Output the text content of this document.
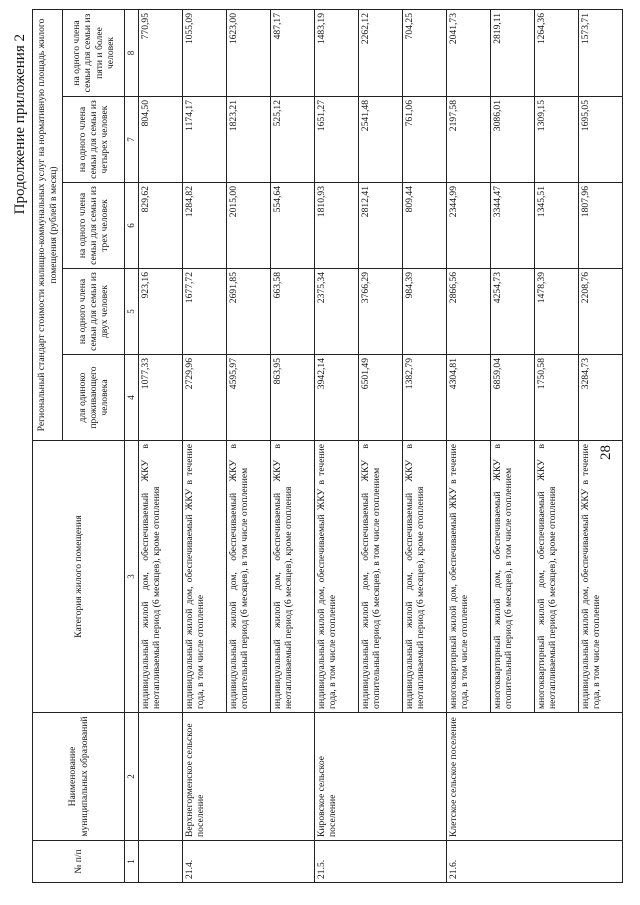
Продолжение приложения 2
№ п/п	Наименование муниципальных образований	Категория жилого помещения	Региональный стандарт стоимости жилищно-коммунальных услуг на нормативную площадь жилого помещения (рублей в месяц)				
			для одиноко проживающего человека	на одного члена семьи для семьи из двух человек	на одного члена семьи для семьи из трех человек	на одного члена семьи для семьи из четырех человек	на одного члена семьи для семьи из пяти и более человек
1	2	3	4	5	6	7	8
		индивидуальный жилой дом, обеспечиваемый ЖКУ в неотапливаемый период (6 месяцев), кроме отопления	1077,33	923,16	829,62	804,50	770,95
21.4.	Верхнегорменское сельское поселение	индивидуальный жилой дом, обеспечиваемый ЖКУ в течение года, в том числе отопление	2729,96	1677,72	1284,82	1174,17	1055,09
		индивидуальный жилой дом, обеспечиваемый ЖКУ в отопительный период (6 месяцев), в том числе отоплением	4595,97	2691,85	2015,00	1823,21	1623,00
		индивидуальный жилой дом, обеспечиваемый ЖКУ в неотапливаемый период (6 месяцев), кроме отопления	863,95	663,58	554,64	525,12	487,17
21.5.	Кировское сельское поселение	индивидуальный жилой дом, обеспечиваемый ЖКУ в течение года, в том числе отопление	3942,14	2375,34	1810,93	1651,27	1483,19
		индивидуальный жилой дом, обеспечиваемый ЖКУ в отопительный период (6 месяцев), в том числе отоплением	6501,49	3766,29	2812,41	2541,48	2262,12
		индивидуальный жилой дом, обеспечиваемый ЖКУ в неотапливаемый период (6 месяцев), кроме отопления	1382,79	984,39	809,44	761,06	704,25
21.6.	Клетское сельское поселение	многоквартирный жилой дом, обеспечиваемый ЖКУ в течение года, в том числе отопление	4304,81	2866,56	2344,99	2197,58	2041,73
		многоквартирный жилой дом, обеспечиваемый ЖКУ в отопительный период (6 месяцев), в том числе отоплением	6859,04	4254,73	3344,47	3086,01	2819,11
		многоквартирный жилой дом, обеспечиваемый ЖКУ в неотапливаемый период (6 месяцев), кроме отопления	1750,58	1478,39	1345,51	1309,15	1264,36
		индивидуальный жилой дом, обеспечиваемый ЖКУ в течение года, в том числе отопление	3284,73	2208,76	1807,96	1695,05	1573,71
28
